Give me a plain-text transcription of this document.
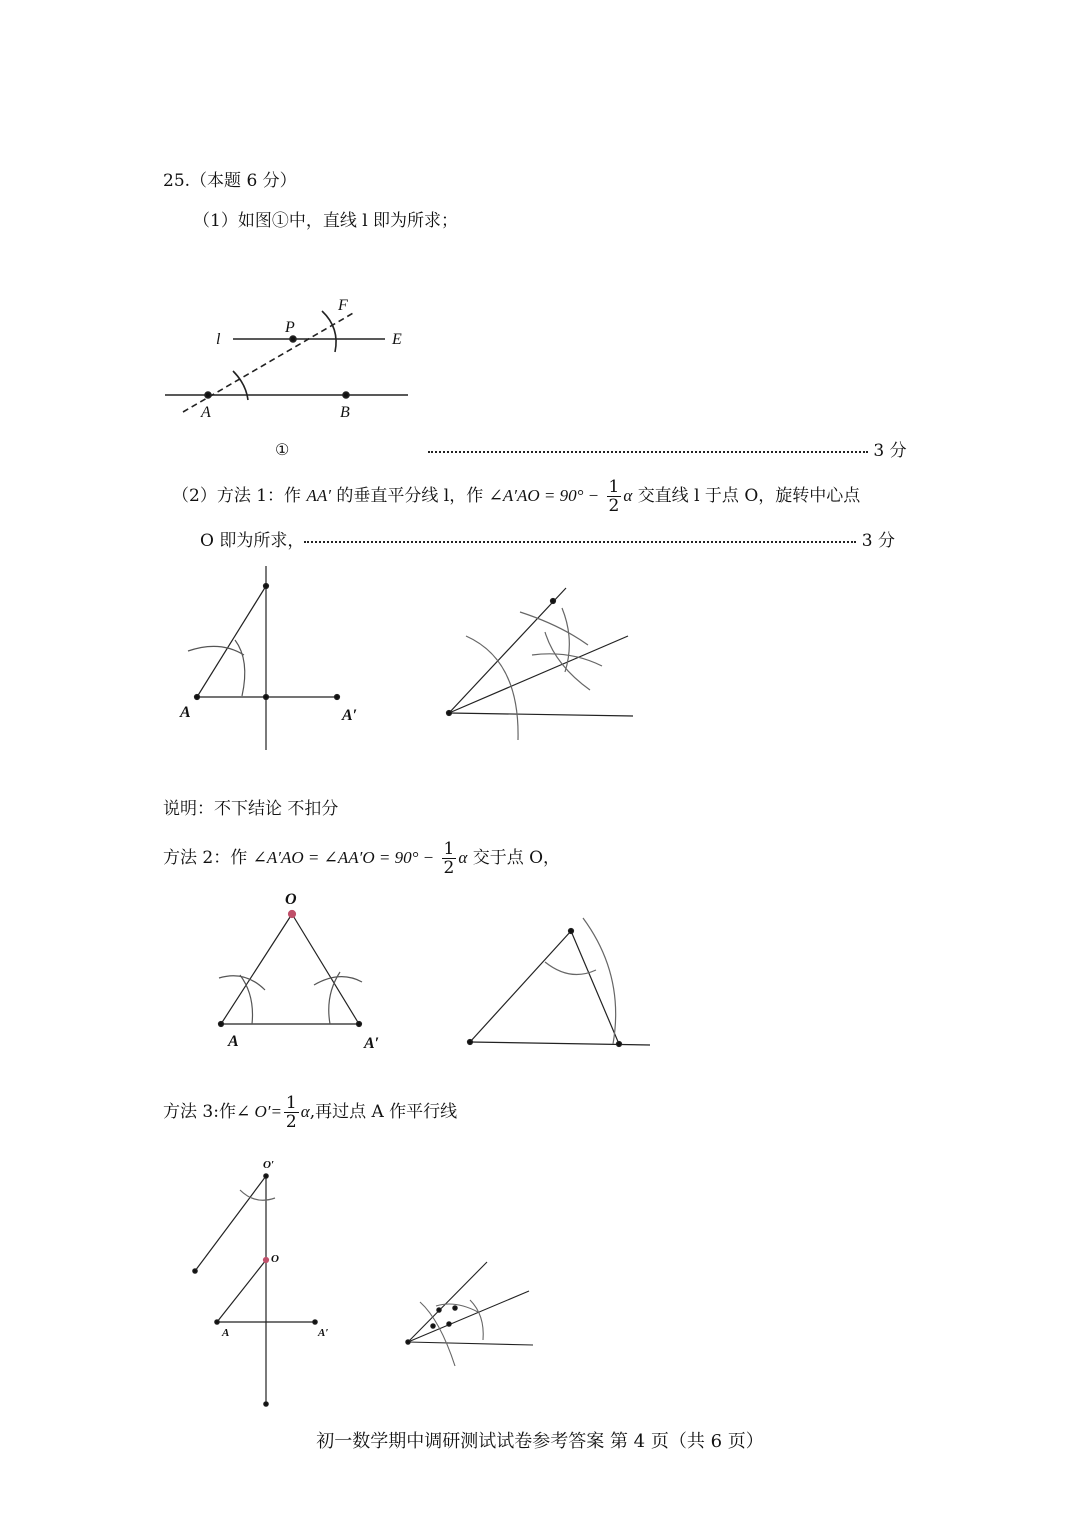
25.（本题 6 分）
（1）如图①中，直线 l 即为所求；
3 分
（2）方法 1：作 AA′ 的垂直平分线 l，作 ∠A′AO = $90^\circ - \frac{1}{2}$ α 交直线 l 于点 O，旋转中心点
O 即为所求，	3 分
说明：不下结论 不扣分
方法 2：作 ∠A′AO = ∠AA′O = $90^\circ - \frac{1}{2}$ α 交于点 O，
方法 3:作∠ $O'= \frac{1}{2} \alpha$,再过点 A 作平行线
l
P
F
E
A	B
①
A	A′
O
A	A′
O′
O
A	A′
初一数学期中调研测试试卷参考答案 第 4 页（共 6 页）
